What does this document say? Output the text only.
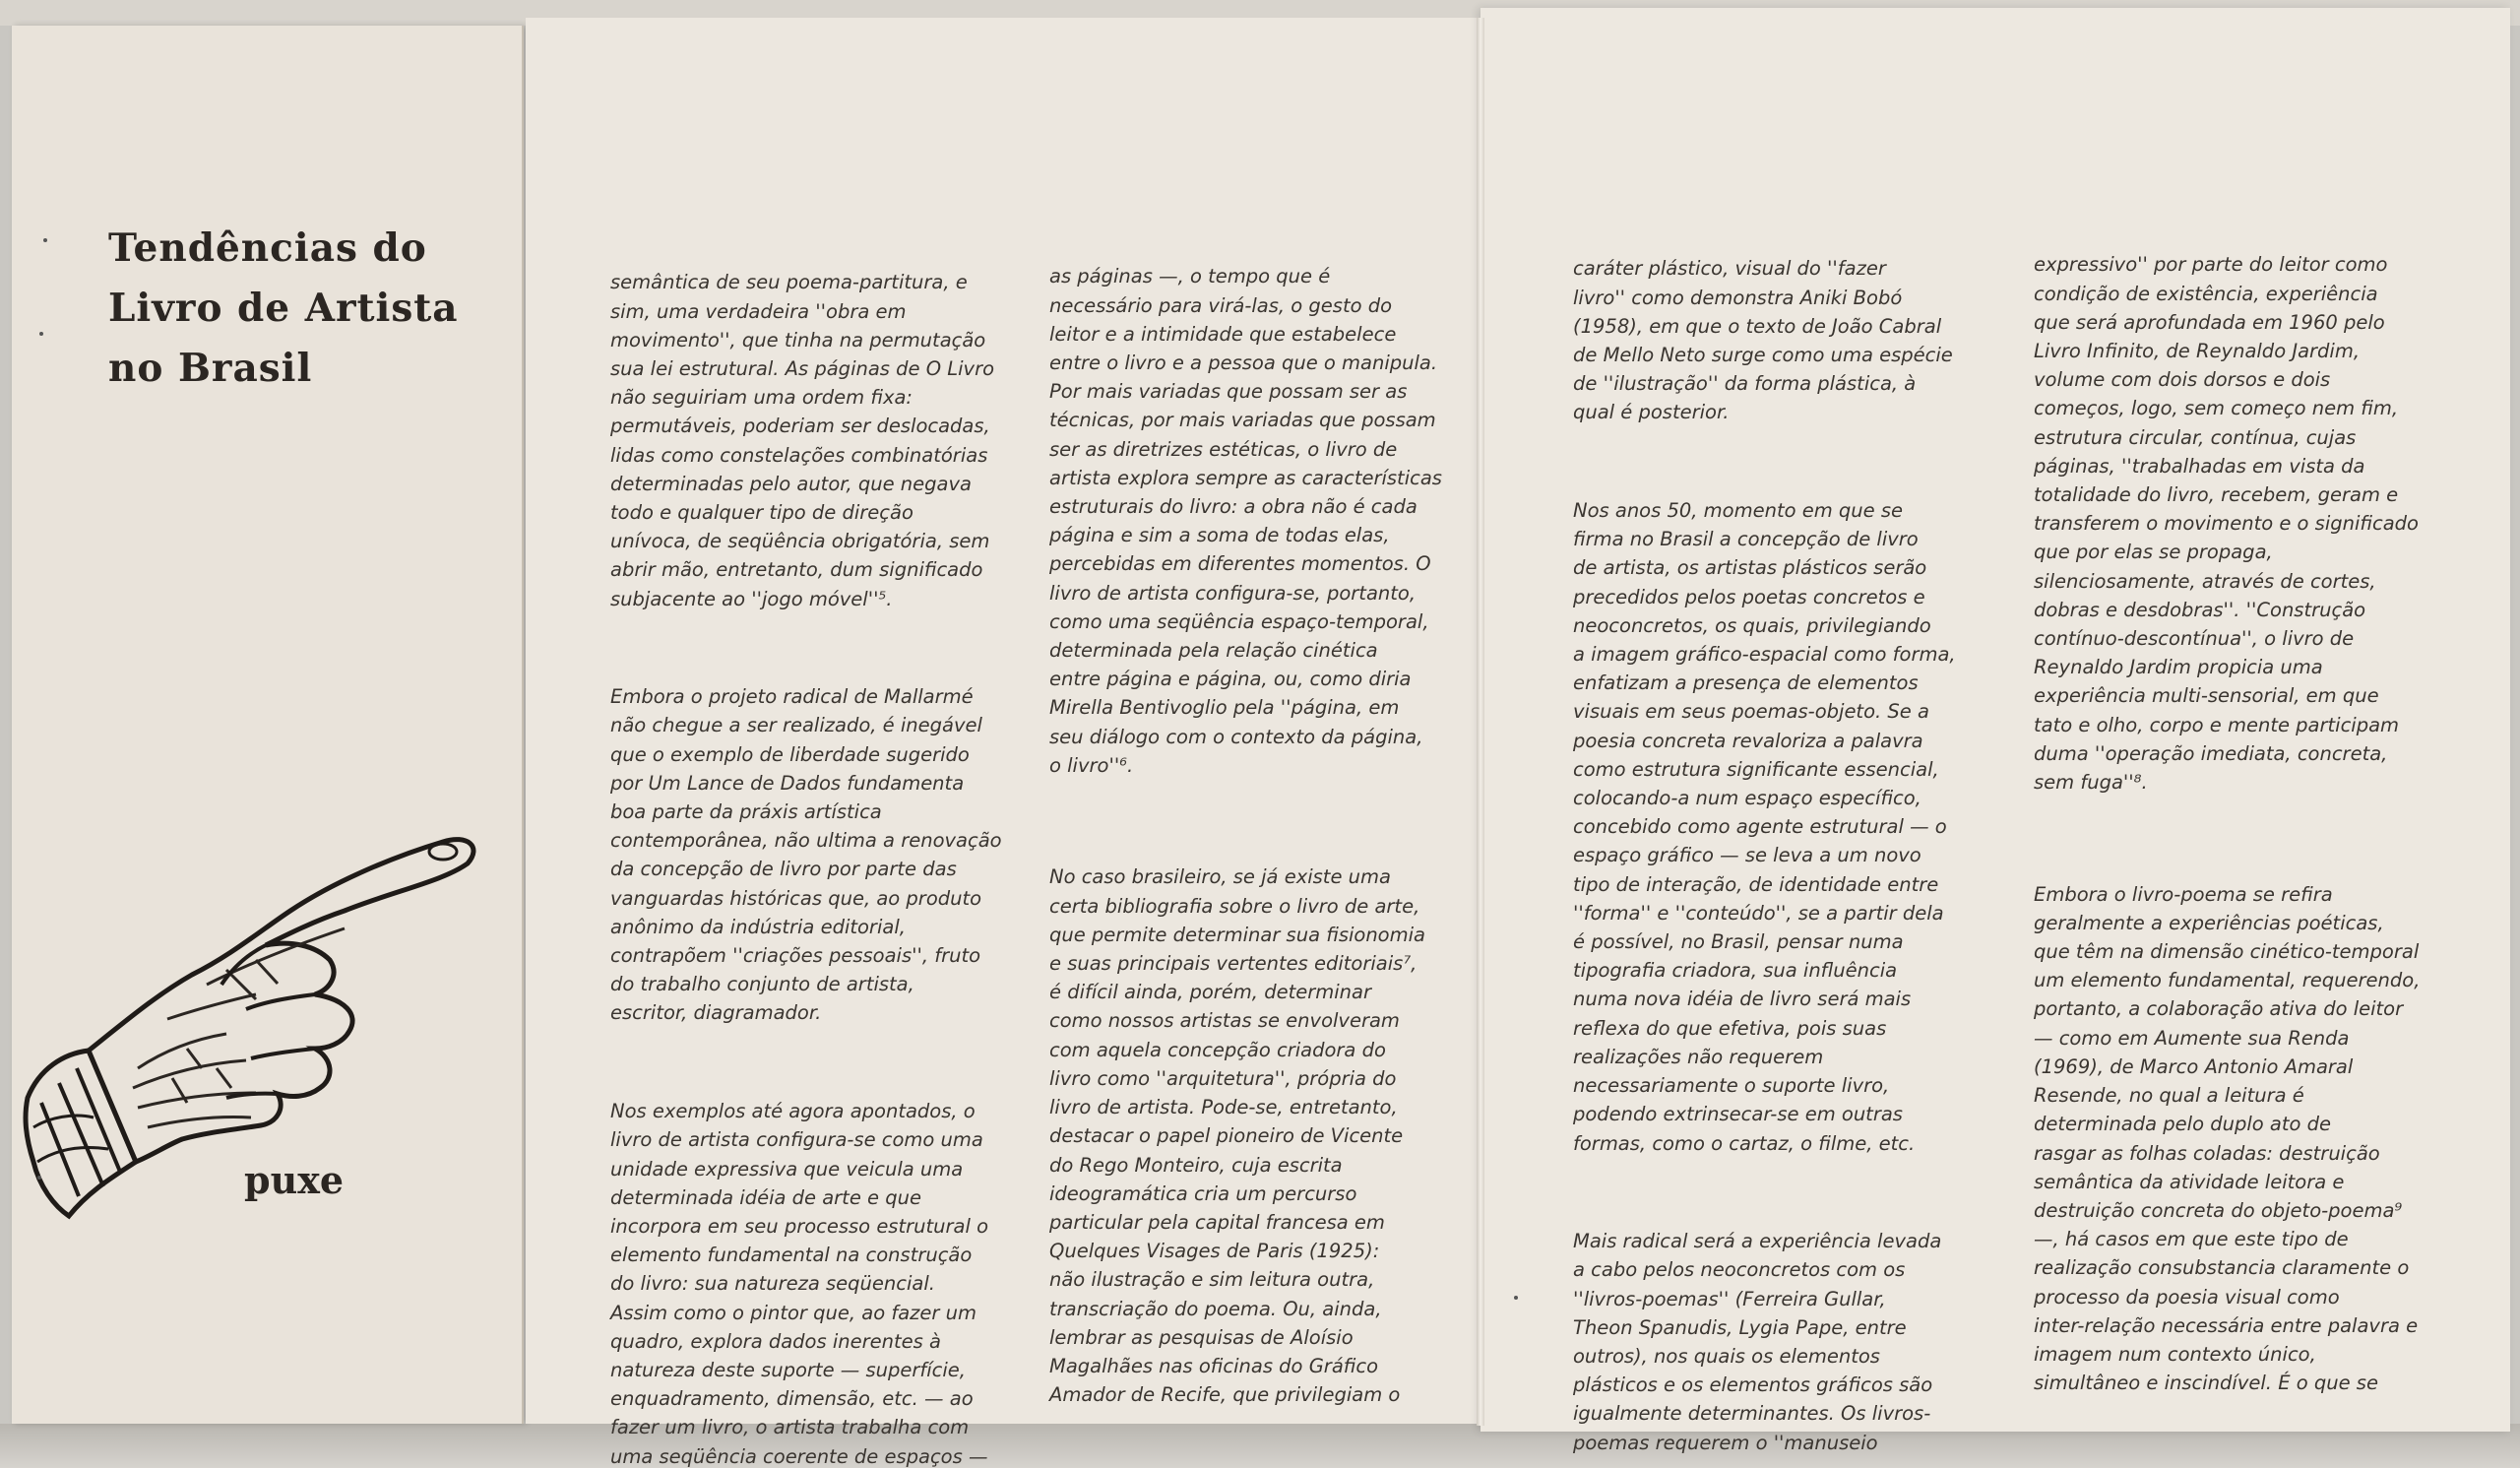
Tendências do
Livro de Artista
no Brasil
puxe

semântica de seu poema-partitura, e
sim, uma verdadeira ''obra em
movimento'', que tinha na permutação
sua lei estrutural. As páginas de O Livro
não seguiriam uma ordem fixa:
permutáveis, poderiam ser deslocadas,
lidas como constelações combinatórias
determinadas pelo autor, que negava
todo e qualquer tipo de direção
unívoca, de seqüência obrigatória, sem
abrir mão, entretanto, dum significado
subjacente ao ''jogo móvel''⁵.

Embora o projeto radical de Mallarmé
não chegue a ser realizado, é inegável
que o exemplo de liberdade sugerido
por Um Lance de Dados fundamenta
boa parte da práxis artística
contemporânea, não ultima a renovação
da concepção de livro por parte das
vanguardas históricas que, ao produto
anônimo da indústria editorial,
contrapõem ''criações pessoais'', fruto
do trabalho conjunto de artista,
escritor, diagramador.

Nos exemplos até agora apontados, o
livro de artista configura-se como uma
unidade expressiva que veicula uma
determinada idéia de arte e que
incorpora em seu processo estrutural o
elemento fundamental na construção
do livro: sua natureza seqüencial.
Assim como o pintor que, ao fazer um
quadro, explora dados inerentes à
natureza deste suporte — superfície,
enquadramento, dimensão, etc. — ao
fazer um livro, o artista trabalha com
uma seqüência coerente de espaços —

as páginas —, o tempo que é
necessário para virá-las, o gesto do
leitor e a intimidade que estabelece
entre o livro e a pessoa que o manipula.
Por mais variadas que possam ser as
técnicas, por mais variadas que possam
ser as diretrizes estéticas, o livro de
artista explora sempre as características
estruturais do livro: a obra não é cada
página e sim a soma de todas elas,
percebidas em diferentes momentos. O
livro de artista configura-se, portanto,
como uma seqüência espaço-temporal,
determinada pela relação cinética
entre página e página, ou, como diria
Mirella Bentivoglio pela ''página, em
seu diálogo com o contexto da página,
o livro''⁶.

No caso brasileiro, se já existe uma
certa bibliografia sobre o livro de arte,
que permite determinar sua fisionomia
e suas principais vertentes editoriais⁷,
é difícil ainda, porém, determinar
como nossos artistas se envolveram
com aquela concepção criadora do
livro como ''arquitetura'', própria do
livro de artista. Pode-se, entretanto,
destacar o papel pioneiro de Vicente
do Rego Monteiro, cuja escrita
ideogramática cria um percurso
particular pela capital francesa em
Quelques Visages de Paris (1925):
não ilustração e sim leitura outra,
transcriação do poema. Ou, ainda,
lembrar as pesquisas de Aloísio
Magalhães nas oficinas do Gráfico
Amador de Recife, que privilegiam o

caráter plástico, visual do ''fazer
livro'' como demonstra Aniki Bobó
(1958), em que o texto de João Cabral
de Mello Neto surge como uma espécie
de ''ilustração'' da forma plástica, à
qual é posterior.

Nos anos 50, momento em que se
firma no Brasil a concepção de livro
de artista, os artistas plásticos serão
precedidos pelos poetas concretos e
neoconcretos, os quais, privilegiando
a imagem gráfico-espacial como forma,
enfatizam a presença de elementos
visuais em seus poemas-objeto. Se a
poesia concreta revaloriza a palavra
como estrutura significante essencial,
colocando-a num espaço específico,
concebido como agente estrutural — o
espaço gráfico — se leva a um novo
tipo de interação, de identidade entre
''forma'' e ''conteúdo'', se a partir dela
é possível, no Brasil, pensar numa
tipografia criadora, sua influência
numa nova idéia de livro será mais
reflexa do que efetiva, pois suas
realizações não requerem
necessariamente o suporte livro,
podendo extrinsecar-se em outras
formas, como o cartaz, o filme, etc.

Mais radical será a experiência levada
a cabo pelos neoconcretos com os
''livros-poemas'' (Ferreira Gullar,
Theon Spanudis, Lygia Pape, entre
outros), nos quais os elementos
plásticos e os elementos gráficos são
igualmente determinantes. Os livros-
poemas requerem o ''manuseio

expressivo'' por parte do leitor como
condição de existência, experiência
que será aprofundada em 1960 pelo
Livro Infinito, de Reynaldo Jardim,
volume com dois dorsos e dois
começos, logo, sem começo nem fim,
estrutura circular, contínua, cujas
páginas, ''trabalhadas em vista da
totalidade do livro, recebem, geram e
transferem o movimento e o significado
que por elas se propaga,
silenciosamente, através de cortes,
dobras e desdobras''. ''Construção
contínuo-descontínua'', o livro de
Reynaldo Jardim propicia uma
experiência multi-sensorial, em que
tato e olho, corpo e mente participam
duma ''operação imediata, concreta,
sem fuga''⁸.

Embora o livro-poema se refira
geralmente a experiências poéticas,
que têm na dimensão cinético-temporal
um elemento fundamental, requerendo,
portanto, a colaboração ativa do leitor
— como em Aumente sua Renda
(1969), de Marco Antonio Amaral
Resende, no qual a leitura é
determinada pelo duplo ato de
rasgar as folhas coladas: destruição
semântica da atividade leitora e
destruição concreta do objeto-poema⁹
—, há casos em que este tipo de
realização consubstancia claramente o
processo da poesia visual como
inter-relação necessária entre palavra e
imagem num contexto único,
simultâneo e inscindível. É o que se
